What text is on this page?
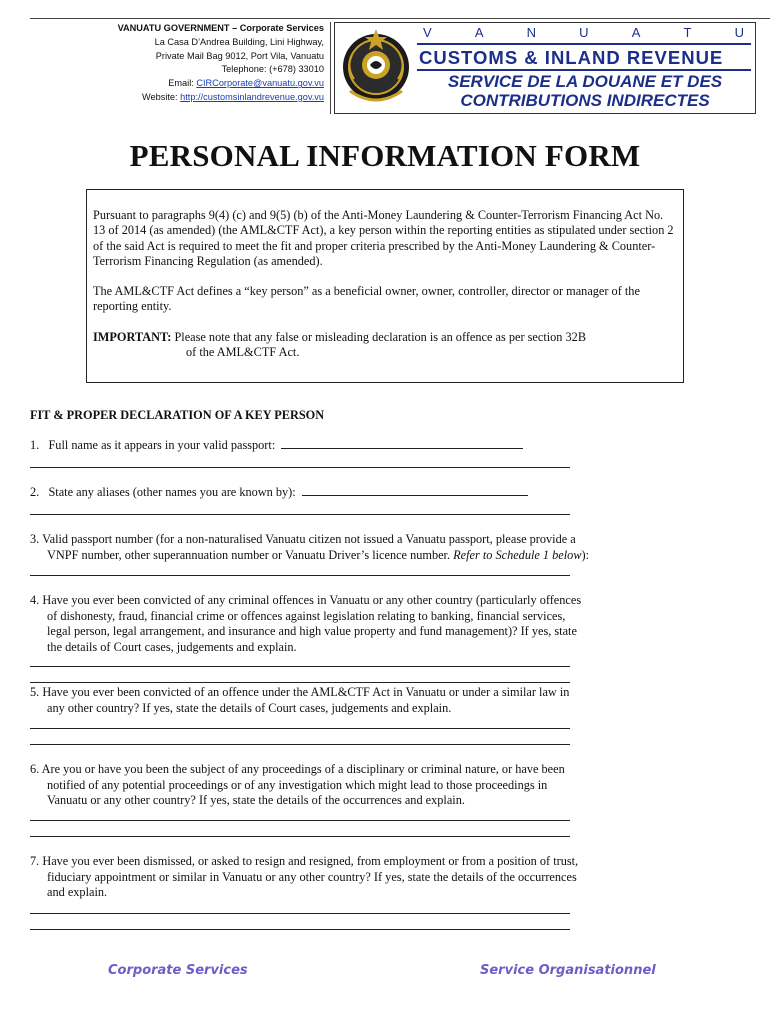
VANUATU GOVERNMENT – Corporate Services
La Casa D’Andrea Building, Lini Highway,
Private Mail Bag 9012, Port Vila, Vanuatu
Telephone: (+678) 33010
Email: CIRCorporate@vanuatu.gov.vu
Website: http://customsinlandrevenue.gov.vu
V	A	N	U	A	T	U
CUSTOMS & INLAND REVENUE
SERVICE DE LA DOUANE ET DES
CONTRIBUTIONS INDIRECTES
PERSONAL INFORMATION FORM
Pursuant to paragraphs 9(4) (c) and 9(5) (b) of the Anti-Money Laundering & Counter-Terrorism Financing Act No. 13 of 2014 (as amended) (the AML&CTF Act), a key person within the reporting entities as stipulated under section 2 of the said Act is required to meet the fit and proper criteria prescribed by the Anti-Money Laundering & Counter-Terrorism Financing Regulation (as amended).
The AML&CTF Act defines a “key person” as a beneficial owner, owner, controller, director or manager of the reporting entity.
IMPORTANT: Please note that any false or misleading declaration is an offence as per section 32B
of the AML&CTF Act.
FIT & PROPER DECLARATION OF A KEY PERSON
1. Full name as it appears in your valid passport:
2. State any aliases (other names you are known by):
3. Valid passport number (for a non-naturalised Vanuatu citizen not issued a Vanuatu passport, please provide a
VNPF number, other superannuation number or Vanuatu Driver’s licence number. Refer to Schedule 1 below):
4. Have you ever been convicted of any criminal offences in Vanuatu or any other country (particularly offences
of dishonesty, fraud, financial crime or offences against legislation relating to banking, financial services,
legal person, legal arrangement, and insurance and high value property and fund management)? If yes, state
the details of Court cases, judgements and explain.
5. Have you ever been convicted of an offence under the AML&CTF Act in Vanuatu or under a similar law in
any other country? If yes, state the details of Court cases, judgements and explain.
6. Are you or have you been the subject of any proceedings of a disciplinary or criminal nature, or have been
notified of any potential proceedings or of any investigation which might lead to those proceedings in
Vanuatu or any other country? If yes, state the details of the occurrences and explain.
7. Have you ever been dismissed, or asked to resign and resigned, from employment or from a position of trust,
fiduciary appointment or similar in Vanuatu or any other country? If yes, state the details of the occurrences
and explain.
Corporate Services	Service Organisationnel
